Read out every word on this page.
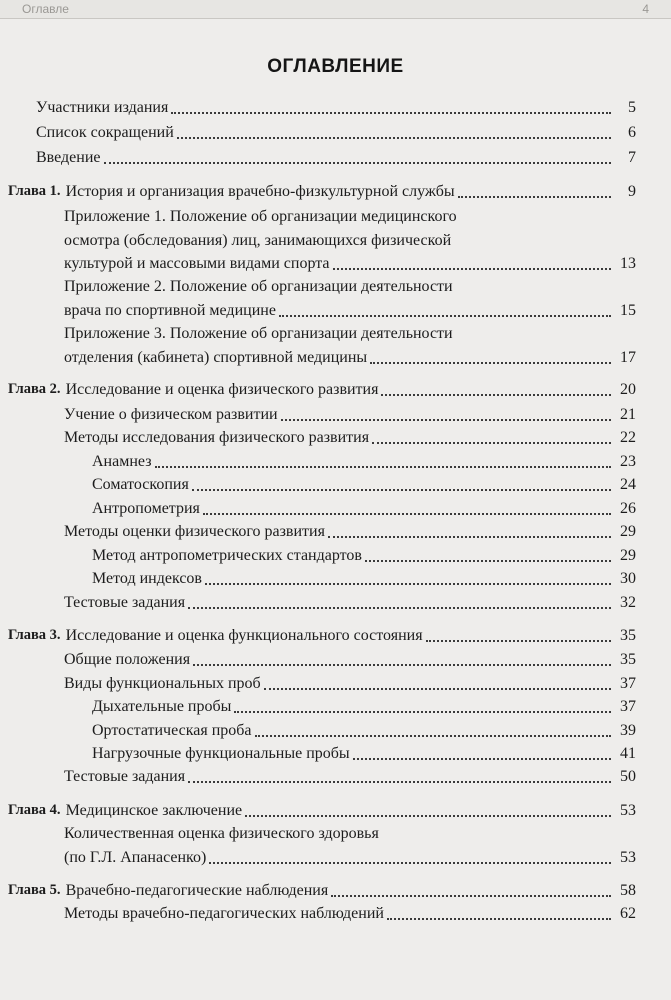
Оглавле	4
ОГЛАВЛЕНИЕ
Участники издания	5
Список сокращений	6
Введение	7
Глава 1. История и организация врачебно-физкультурной службы	9
Приложение 1. Положение об организации медицинского
осмотра (обследования) лиц, занимающихся физической
культурой и массовыми видами спорта	13
Приложение 2. Положение об организации деятельности
врача по спортивной медицине	15
Приложение 3. Положение об организации деятельности
отделения (кабинета) спортивной медицины	17
Глава 2. Исследование и оценка физического развития	20
Учение о физическом развитии	21
Методы исследования физического развития	22
Анамнез	23
Соматоскопия	24
Антропометрия	26
Методы оценки физического развития	29
Метод антропометрических стандартов	29
Метод индексов	30
Тестовые задания	32
Глава 3. Исследование и оценка функционального состояния	35
Общие положения	35
Виды функциональных проб	37
Дыхательные пробы	37
Ортостатическая проба	39
Нагрузочные функциональные пробы	41
Тестовые задания	50
Глава 4. Медицинское заключение	53
Количественная оценка физического здоровья
(по Г.Л. Апанасенко)	53
Глава 5. Врачебно-педагогические наблюдения	58
Методы врачебно-педагогических наблюдений	62
